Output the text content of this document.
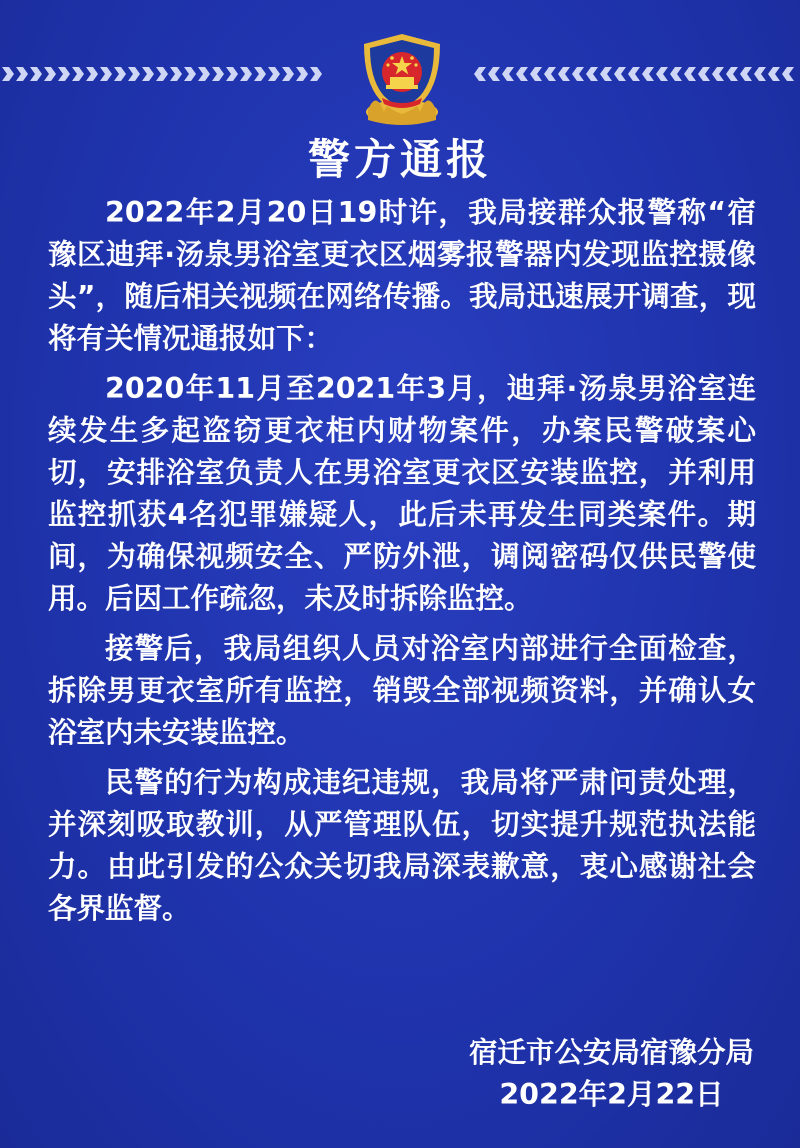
警方通报

2022年2月20日19时许，我局接群众报警称“宿豫区迪拜·汤泉男浴室更衣区烟雾报警器内发现监控摄像头”，随后相关视频在网络传播。我局迅速展开调查，现将有关情况通报如下：

2020年11月至2021年3月，迪拜·汤泉男浴室连续发生多起盗窃更衣柜内财物案件，办案民警破案心切，安排浴室负责人在男浴室更衣区安装监控，并利用监控抓获4名犯罪嫌疑人，此后未再发生同类案件。期间，为确保视频安全、严防外泄，调阅密码仅供民警使用。后因工作疏忽，未及时拆除监控。

接警后，我局组织人员对浴室内部进行全面检查，拆除男更衣室所有监控，销毁全部视频资料，并确认女浴室内未安装监控。

民警的行为构成违纪违规，我局将严肃问责处理，并深刻吸取教训，从严管理队伍，切实提升规范执法能力。由此引发的公众关切我局深表歉意，衷心感谢社会各界监督。

宿迁市公安局宿豫分局
2022年2月22日
